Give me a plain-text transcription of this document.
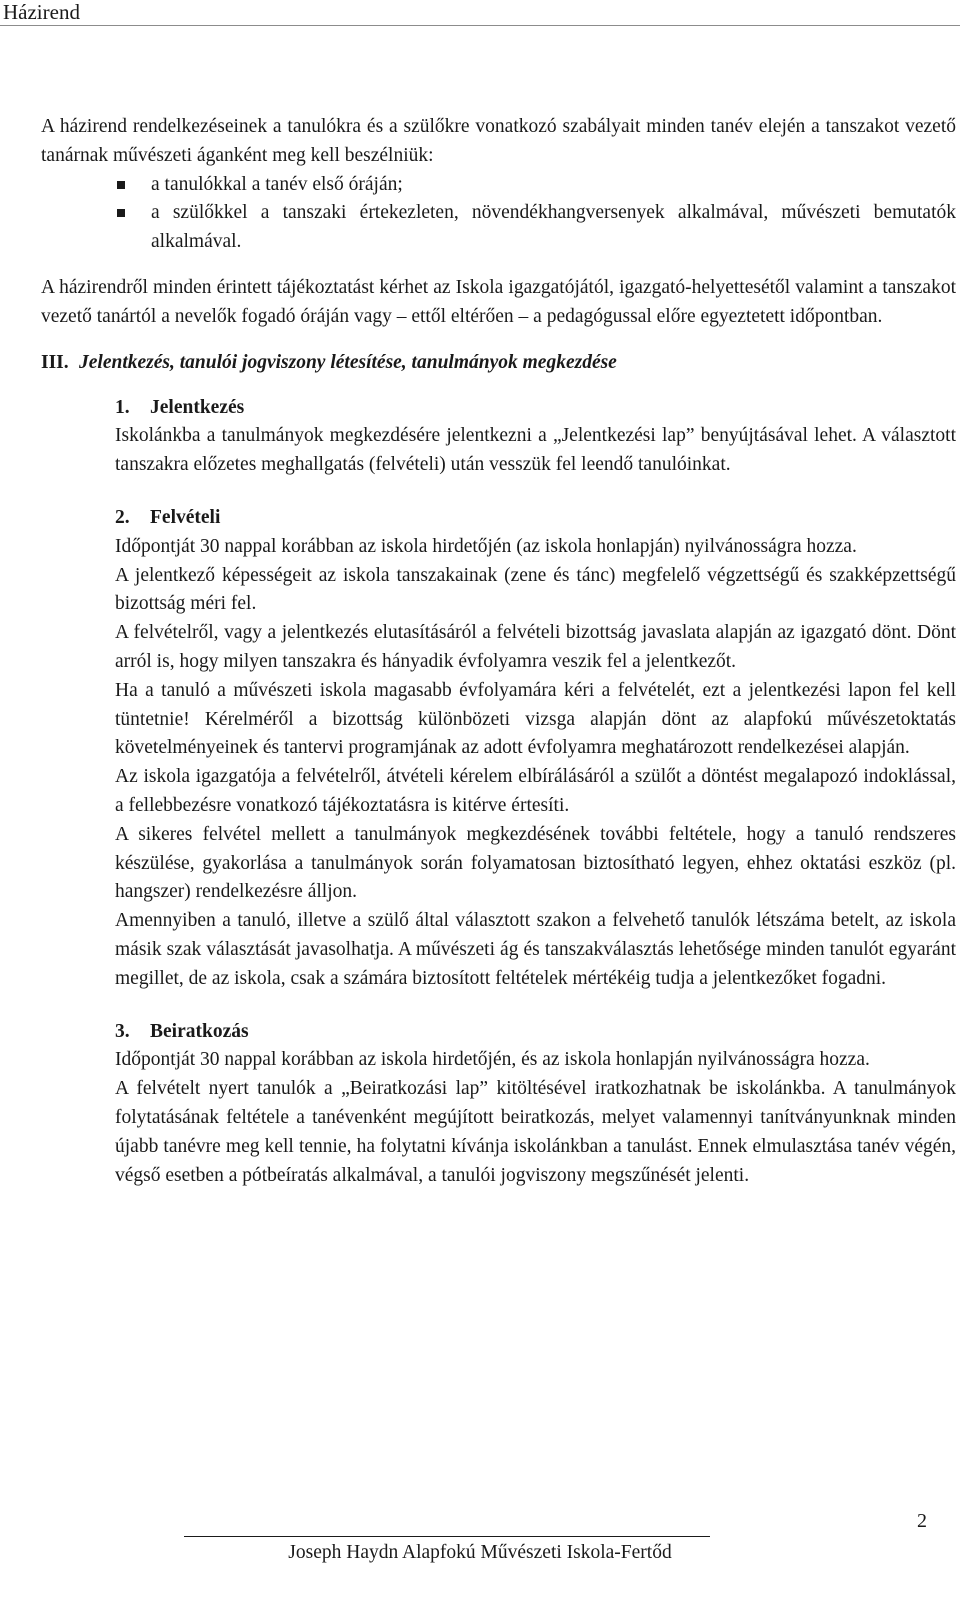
Házirend

A házirend rendelkezéseinek a tanulókra és a szülőkre vonatkozó szabályait minden tanév elején a tanszakot vezető tanárnak művészeti áganként meg kell beszélniük:

a tanulókkal a tanév első óráján;
a szülőkkel a tanszaki értekezleten, növendékhangversenyek alkalmával, művészeti bemutatók alkalmával.

A házirendről minden érintett tájékoztatást kérhet az Iskola igazgatójától, igazgató-helyettesétől valamint a tanszakot vezető tanártól a nevelők fogadó óráján vagy – ettől eltérően – a pedagógussal előre egyeztetett időpontban.

III. Jelentkezés, tanulói jogviszony létesítése, tanulmányok megkezdése
1. Jelentkezés

Iskolánkba a tanulmányok megkezdésére jelentkezni a „Jelentkezési lap” benyújtásával lehet. A választott tanszakra előzetes meghallgatás (felvételi) után vesszük fel leendő tanulóinkat.

2. Felvételi

Időpontját 30 nappal korábban az iskola hirdetőjén (az iskola honlapján) nyilvánosságra hozza.

A jelentkező képességeit az iskola tanszakainak (zene és tánc) megfelelő végzettségű és szakképzettségű bizottság méri fel.

A felvételről, vagy a jelentkezés elutasításáról a felvételi bizottság javaslata alapján az igazgató dönt. Dönt arról is, hogy milyen tanszakra és hányadik évfolyamra veszik fel a jelentkezőt.

Ha a tanuló a művészeti iskola magasabb évfolyamára kéri a felvételét, ezt a jelentkezési lapon fel kell tüntetnie! Kérelméről a bizottság különbözeti vizsga alapján dönt az alapfokú művészetoktatás követelményeinek és tantervi programjának az adott évfolyamra meghatározott rendelkezései alapján.

Az iskola igazgatója a felvételről, átvételi kérelem elbírálásáról a szülőt a döntést megalapozó indoklással, a fellebbezésre vonatkozó tájékoztatásra is kitérve értesíti.

A sikeres felvétel mellett a tanulmányok megkezdésének további feltétele, hogy a tanuló rendszeres készülése, gyakorlása a tanulmányok során folyamatosan biztosítható legyen, ehhez oktatási eszköz (pl. hangszer) rendelkezésre álljon.

Amennyiben a tanuló, illetve a szülő által választott szakon a felvehető tanulók létszáma betelt, az iskola másik szak választását javasolhatja. A művészeti ág és tanszakválasztás lehetősége minden tanulót egyaránt megillet, de az iskola, csak a számára biztosított feltételek mértékéig tudja a jelentkezőket fogadni.

3. Beiratkozás

Időpontját 30 nappal korábban az iskola hirdetőjén, és az iskola honlapján nyilvánosságra hozza.

A felvételt nyert tanulók a „Beiratkozási lap” kitöltésével iratkozhatnak be iskolánkba. A tanulmányok folytatásának feltétele a tanévenként megújított beiratkozás, melyet valamennyi tanítványunknak minden újabb tanévre meg kell tennie, ha folytatni kívánja iskolánkban a tanulást. Ennek elmulasztása tanév végén, végső esetben a pótbeíratás alkalmával, a tanulói jogviszony megszűnését jelenti.

2
Joseph Haydn Alapfokú Művészeti Iskola-Fertőd
